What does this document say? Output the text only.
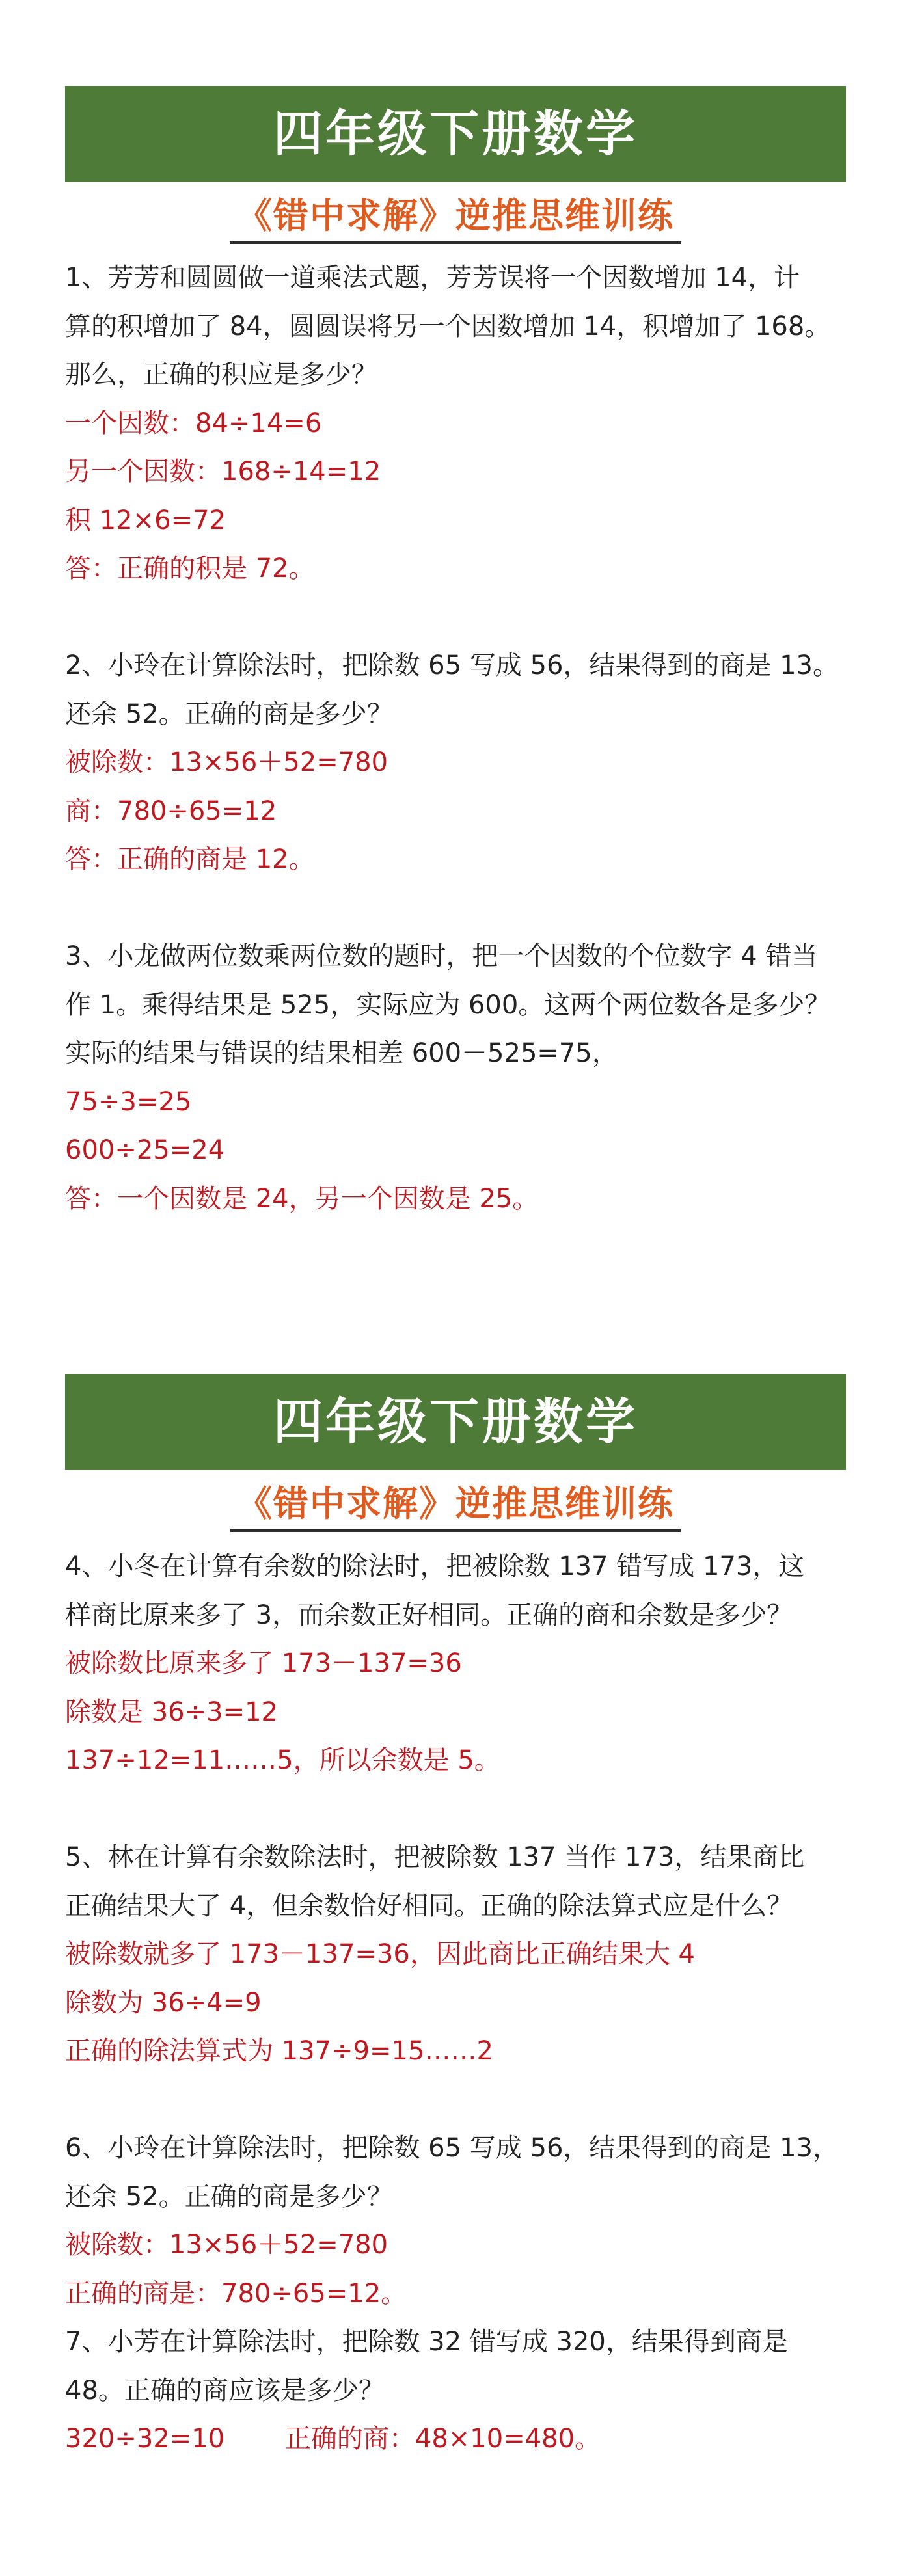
四年级下册数学
《错中求解》逆推思维训练
1、芳芳和圆圆做一道乘法式题，芳芳误将一个因数增加 14，计
算的积增加了 84，圆圆误将另一个因数增加 14，积增加了 168。
那么，正确的积应是多少？
一个因数：84÷14=6
另一个因数：168÷14=12
积 12×6=72
答：正确的积是 72。
2、小玲在计算除法时，把除数 65 写成 56，结果得到的商是 13。
还余 52。正确的商是多少？
被除数：13×56＋52=780
商：780÷65=12
答：正确的商是 12。
3、小龙做两位数乘两位数的题时，把一个因数的个位数字 4 错当
作 1。乘得结果是 525，实际应为 600。这两个两位数各是多少？
实际的结果与错误的结果相差 600－525=75，
75÷3=25
600÷25=24
答：一个因数是 24，另一个因数是 25。
四年级下册数学
《错中求解》逆推思维训练
4、小冬在计算有余数的除法时，把被除数 137 错写成 173，这
样商比原来多了 3，而余数正好相同。正确的商和余数是多少？
被除数比原来多了 173－137=36
除数是 36÷3=12
137÷12=11……5，所以余数是 5。
5、林在计算有余数除法时，把被除数 137 当作 173，结果商比
正确结果大了 4，但余数恰好相同。正确的除法算式应是什么？
被除数就多了 173－137=36，因此商比正确结果大 4
除数为 36÷4=9
正确的除法算式为 137÷9=15……2
6、小玲在计算除法时，把除数 65 写成 56，结果得到的商是 13，
还余 52。正确的商是多少？
被除数：13×56＋52=780
正确的商是：780÷65=12。
7、小芳在计算除法时，把除数 32 错写成 320，结果得到商是
48。正确的商应该是多少？
320÷32=10　　 正确的商：48×10=480。
